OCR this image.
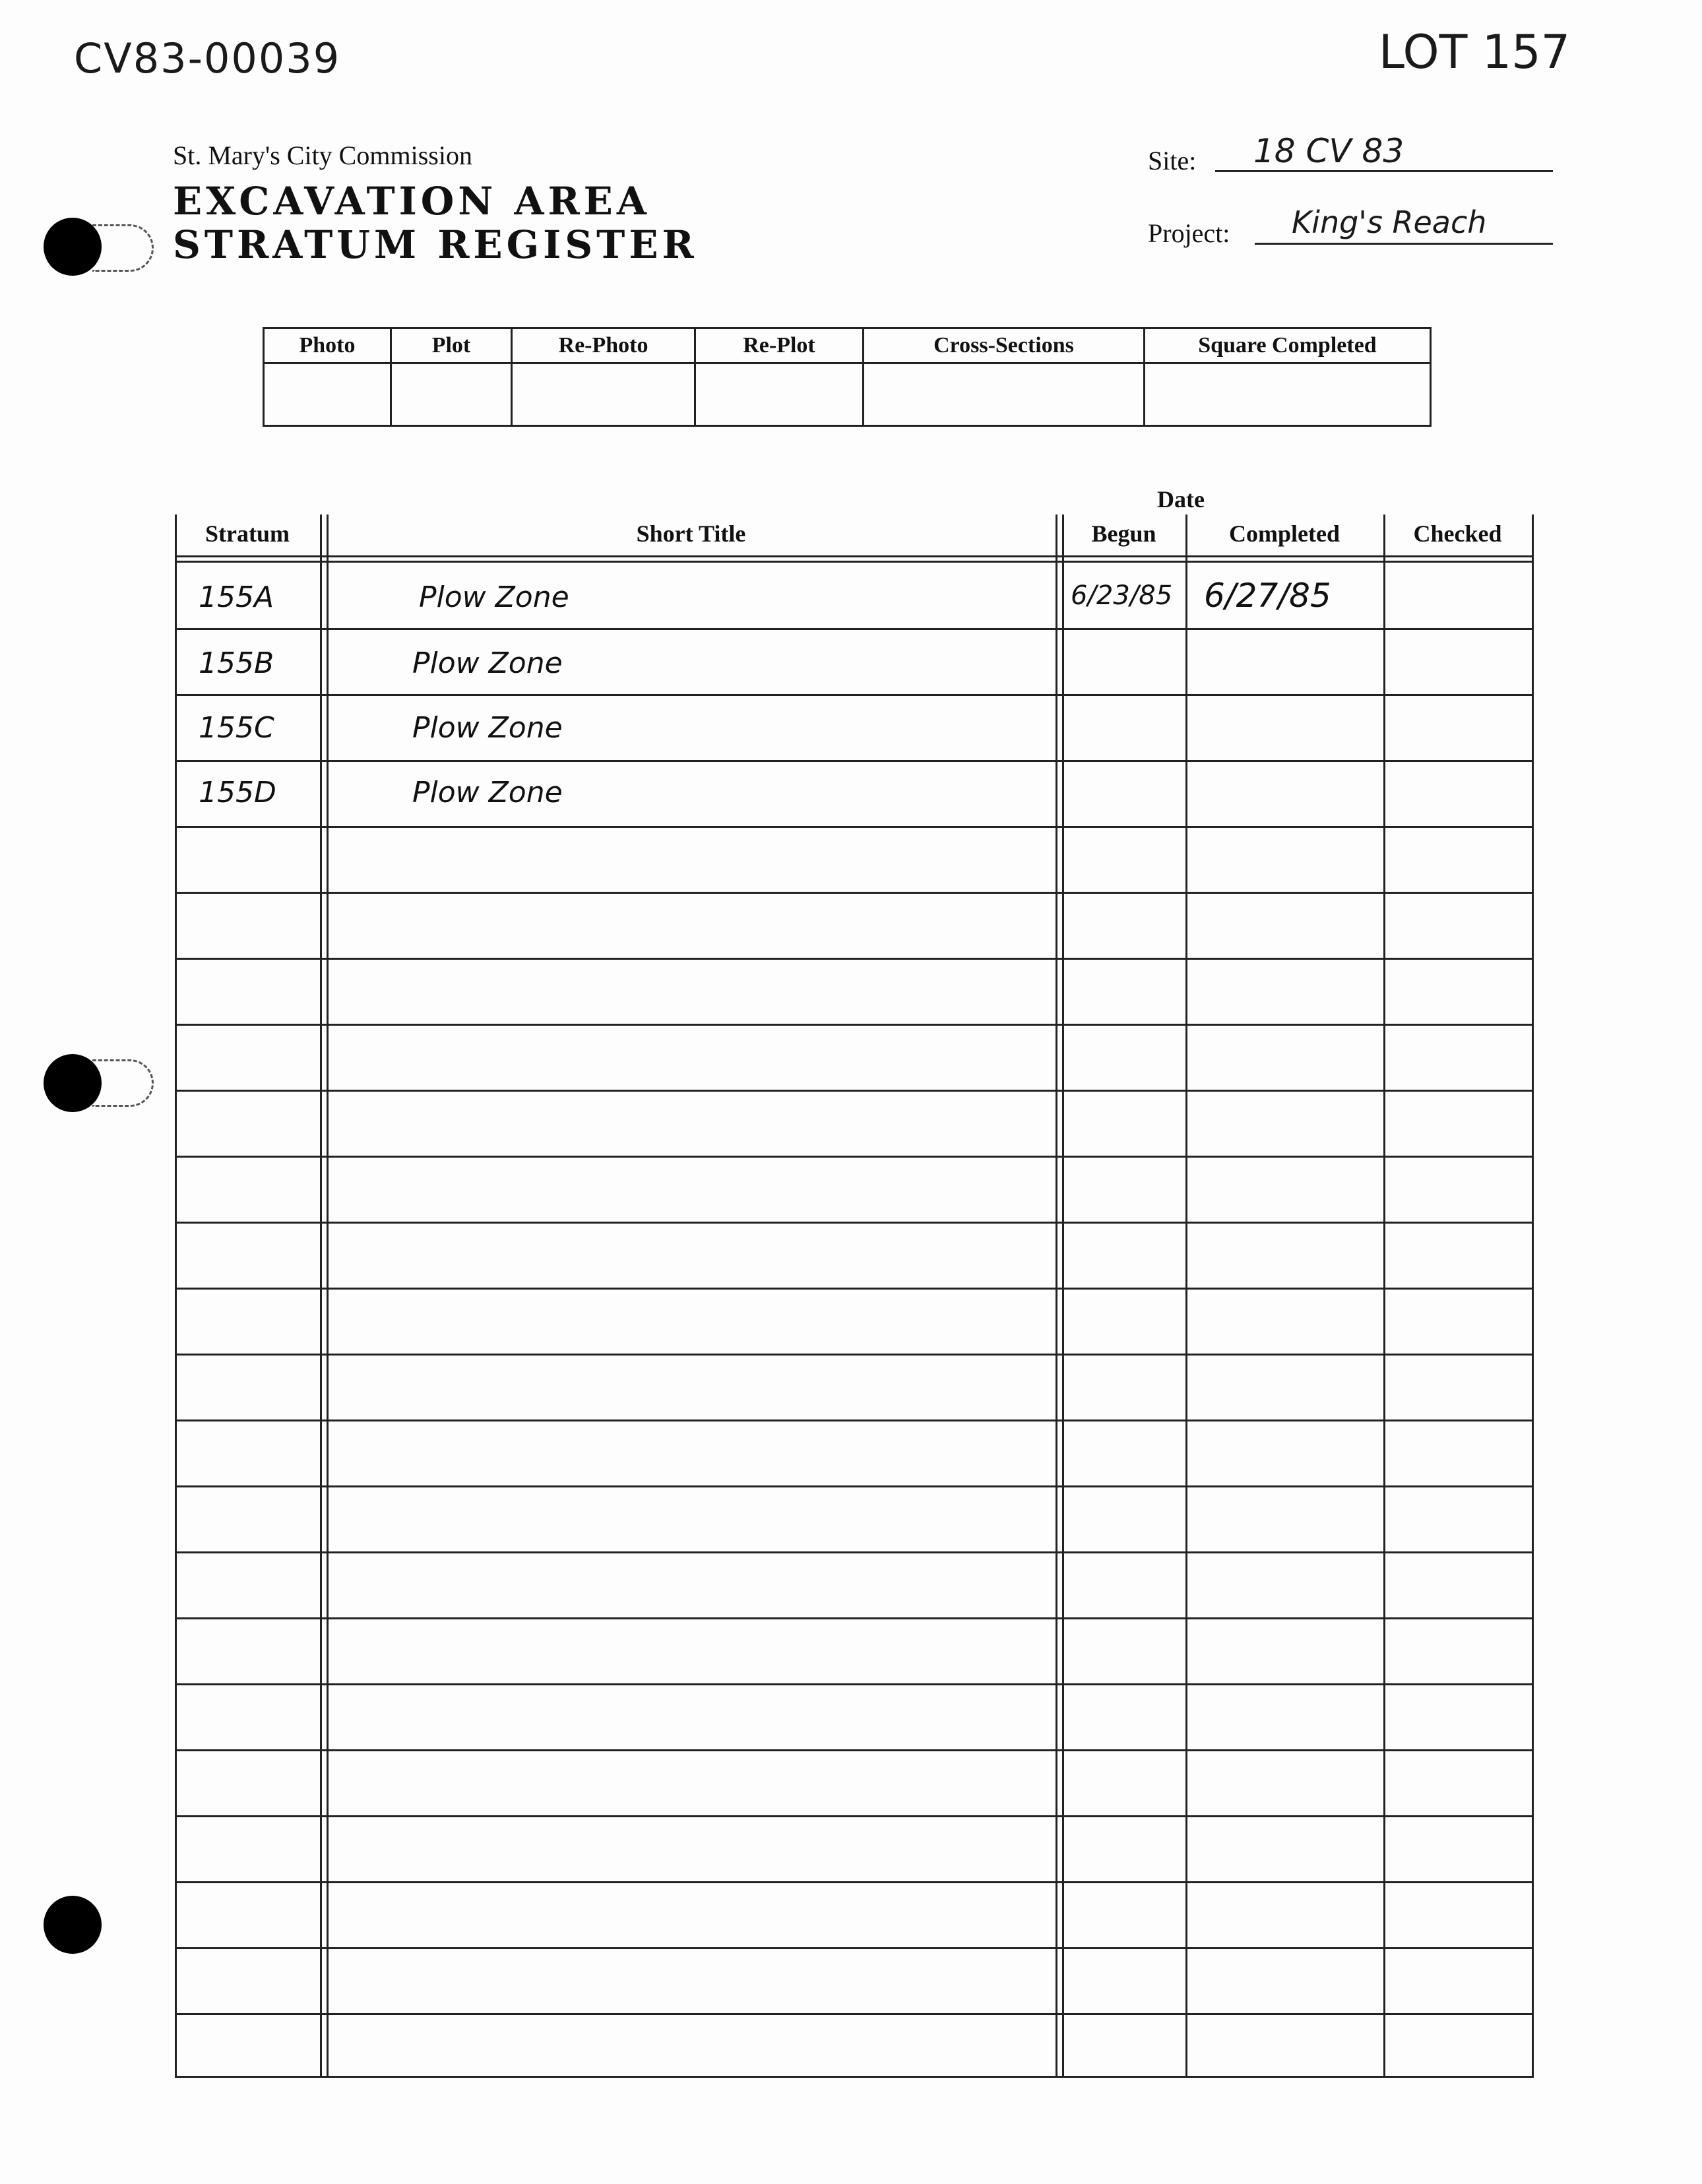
CV83-00039	LOT 157
St. Mary's City Commission
EXCAVATION AREA
STRATUM REGISTER
Site: 18 CV 83
Project: King's Reach
Photo	Plot	Re-Photo	Re-Plot	Cross-Sections	Square Completed

Date
Stratum	Short Title	Begun	Completed	Checked
155A	Plow Zone	6/23/85 6/27/85
155B	Plow Zone
155C	Plow Zone
155D	Plow Zone
